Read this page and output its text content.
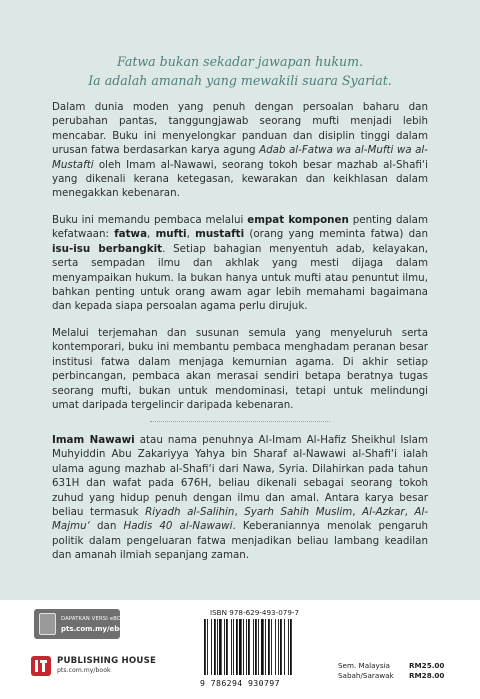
Fatwa bukan sekadar jawapan hukum.
Ia adalah amanah yang mewakili suara Syariat.
Dalam dunia moden yang penuh dengan persoalan baharu dan perubahan pantas, tanggungjawab seorang mufti menjadi lebih mencabar. Buku ini menyelongkar panduan dan disiplin tinggi dalam urusan fatwa berdasarkan karya agung Adab al-Fatwa wa al-Mufti wa al-Mustafti oleh Imam al-Nawawi, seorang tokoh besar mazhab al-Shafi‘i yang dikenali kerana ketegasan, kewarakan dan keikhlasan dalam menegakkan kebenaran.
Buku ini memandu pembaca melalui empat komponen penting dalam kefatwaan: fatwa, mufti, mustafti (orang yang meminta fatwa) dan isu-isu berbangkit. Setiap bahagian menyentuh adab, kelayakan, serta sempadan ilmu dan akhlak yang mesti dijaga dalam menyampaikan hukum. Ia bukan hanya untuk mufti atau penuntut ilmu, bahkan penting untuk orang awam agar lebih memahami bagaimana dan kepada siapa persoalan agama perlu dirujuk.
Melalui terjemahan dan susunan semula yang menyeluruh serta kontemporari, buku ini membantu pembaca menghadam peranan besar institusi fatwa dalam menjaga kemurnian agama. Di akhir setiap perbincangan, pembaca akan merasai sendiri betapa beratnya tugas seorang mufti, bukan untuk mendominasi, tetapi untuk melindungi umat daripada tergelincir daripada kebenaran.
Imam Nawawi atau nama penuhnya Al-Imam Al-Hafiz Sheikhul Islam Muhyiddin Abu Zakariyya Yahya bin Sharaf al-Nawawi al-Shafi‘i ialah ulama agung mazhab al-Shafi‘i dari Nawa, Syria. Dilahirkan pada tahun 631H dan wafat pada 676H, beliau dikenali sebagai seorang tokoh zuhud yang hidup penuh dengan ilmu dan amal. Antara karya besar beliau termasuk Riyadh al-Salihin, Syarh Sahih Muslim, Al-Azkar, Al-Majmu‘ dan Hadis 40 al-Nawawi. Keberaniannya menolak pengaruh politik dalam pengeluaran fatwa menjadikan beliau lambang keadilan dan amanah ilmiah sepanjang zaman.
DAPATKAN VERSI eBOOK
pts.com.my/ebook
PUBLISHING HOUSE
pts.com.my/book
ISBN 978-629-493-079-7
9 786294 930797
Sem. Malaysia
Sabah/Sarawak
RM25.00
RM28.00
